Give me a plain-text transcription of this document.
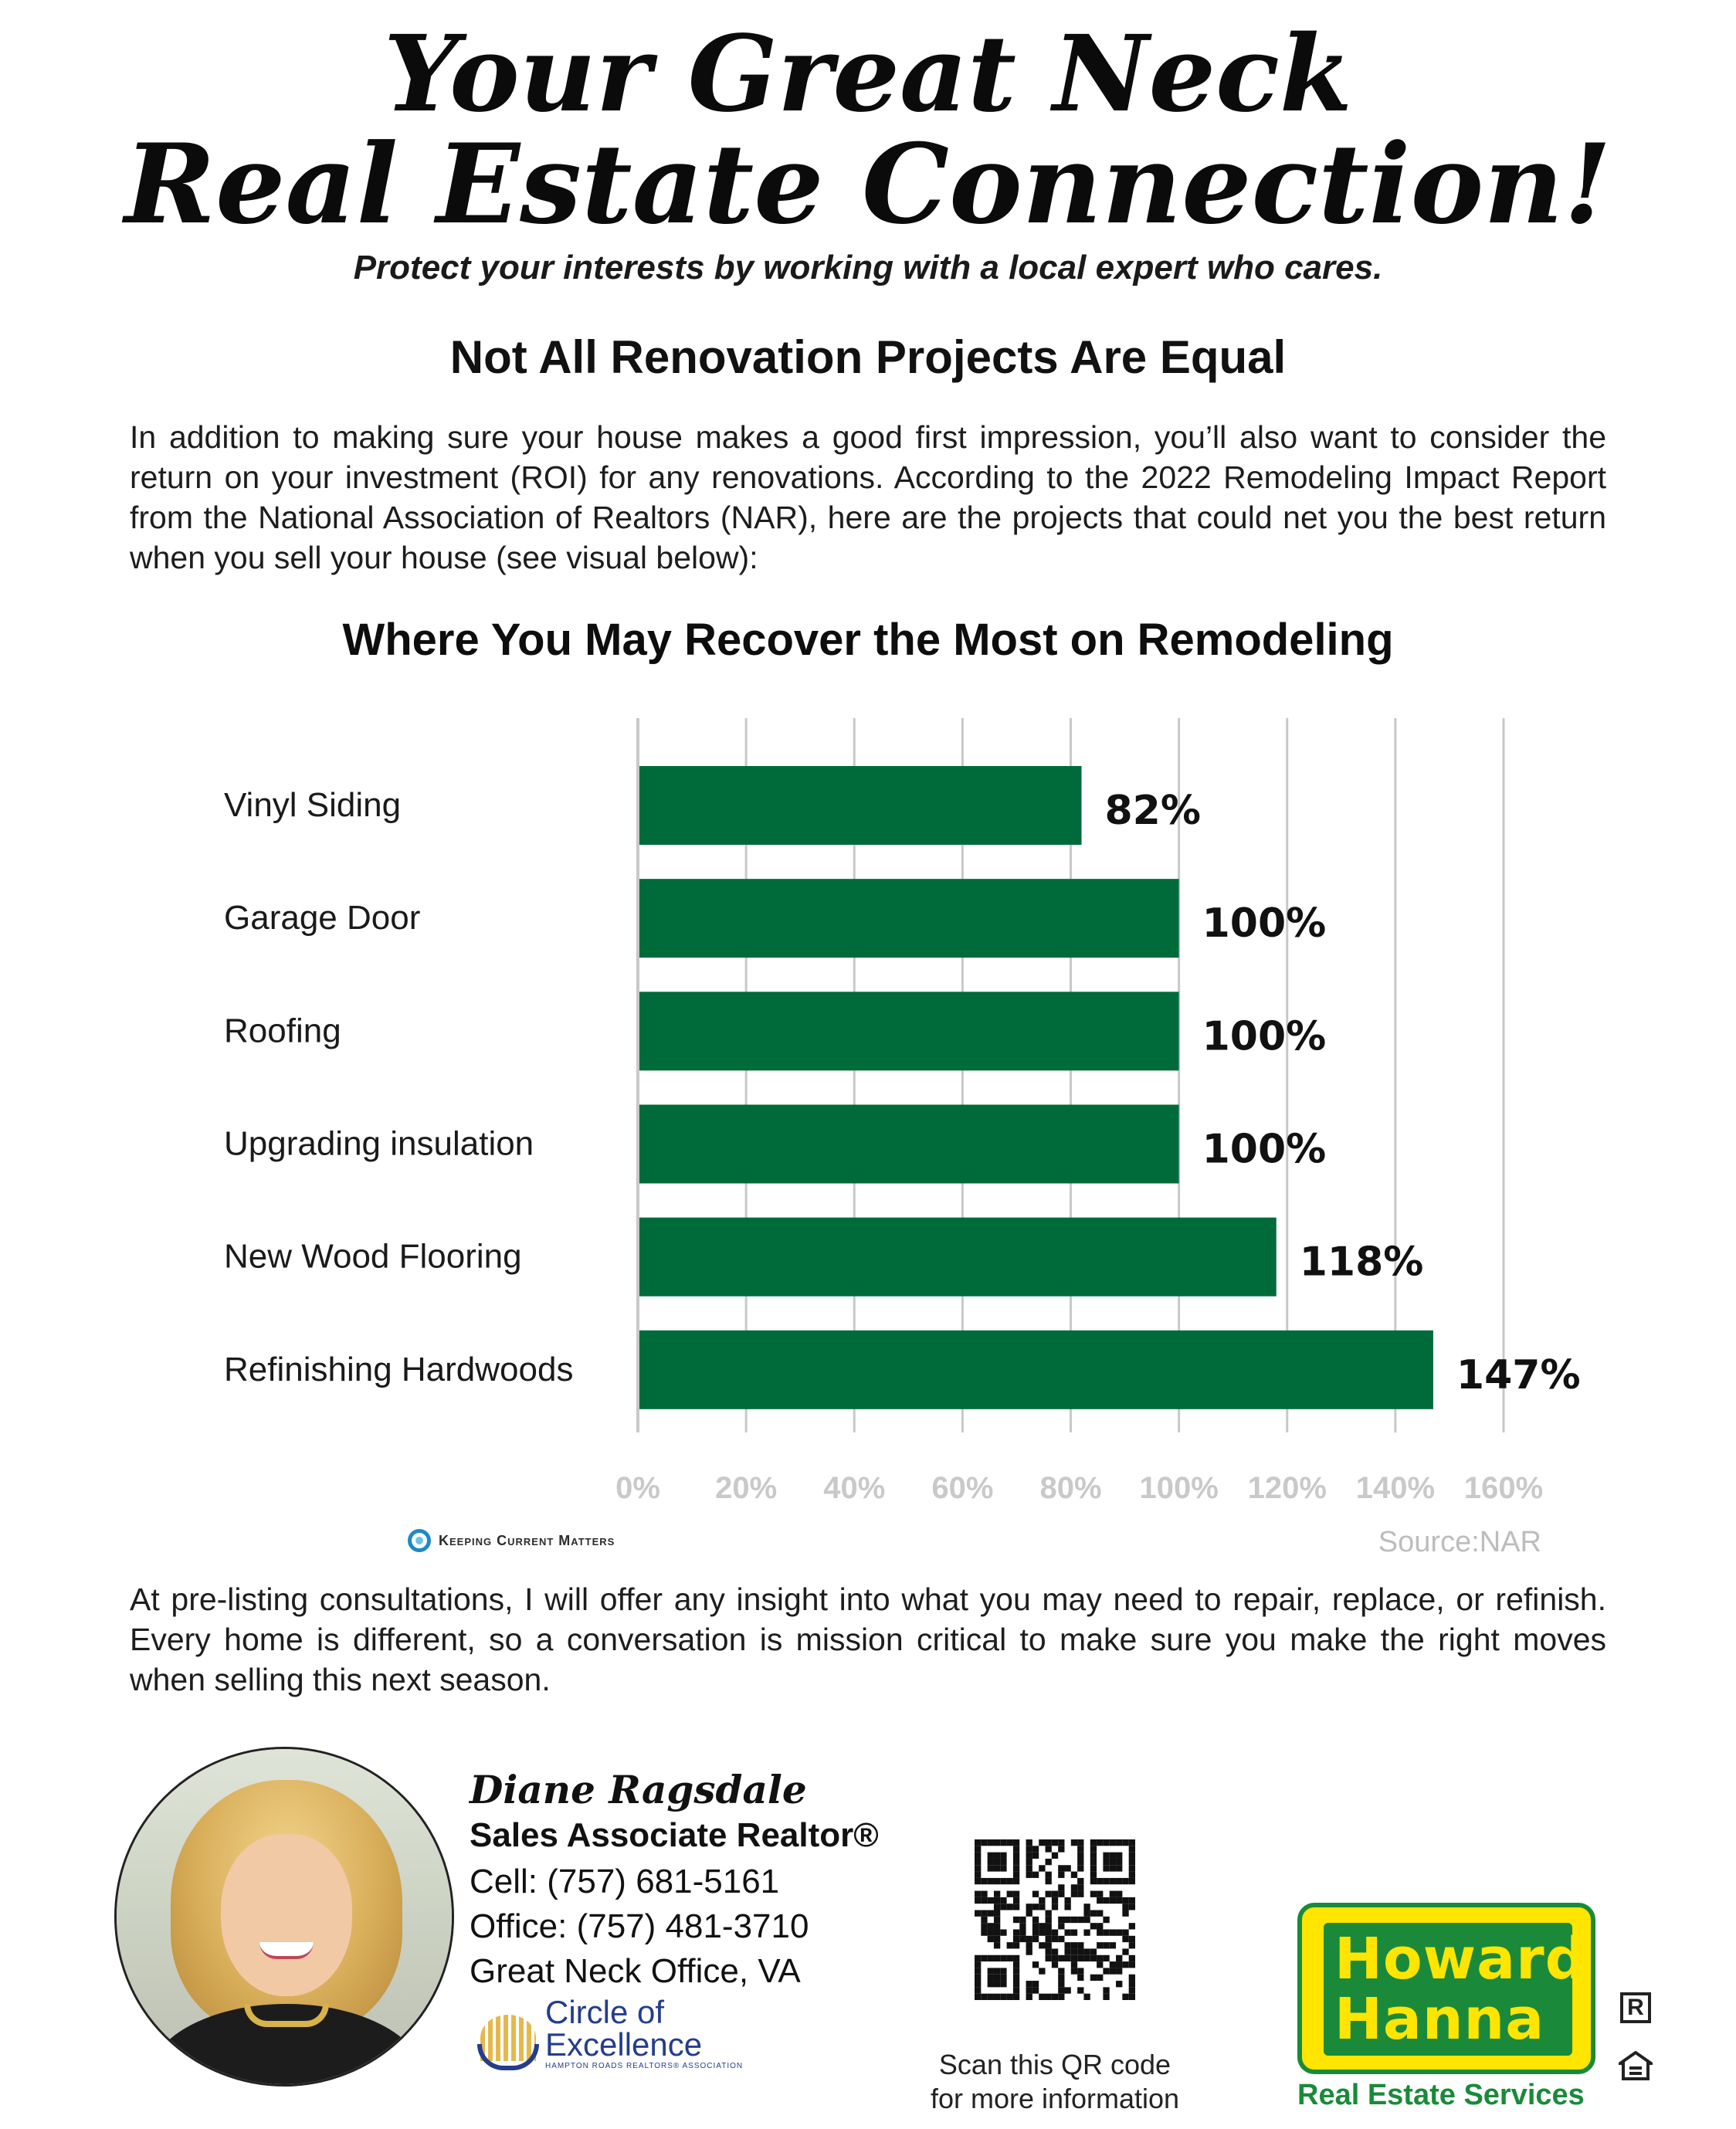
Your Great Neck
Real Estate Connection!
Protect your interests by working with a local expert who cares.
Not All Renovation Projects Are Equal

In addition to making sure your house makes a good first impression, you’ll also want to consider the return on your investment (ROI) for any renovations. According to the 2022 Remodeling Impact Report from the National Association of Realtors (NAR), here are the projects that could net you the best return when you sell your house (see visual below):

Where You May Recover the Most on Remodeling
0% 20% 40% 60% 80% 100% 120% 140% 160%
Vinyl Siding	82%
Garage Door	100%
Roofing	100%
Upgrading insulation	100%
New Wood Flooring	118%
Refinishing Hardwoods	147%
Keeping Current Matters	Source:NAR

At pre-listing consultations, I will offer any insight into what you may need to repair, replace, or refinish. Every home is different, so a conversation is mission critical to make sure you make the right moves when selling this next season.

Diane Ragsdale
Sales Associate Realtor®
Cell: (757) 681-5161
Office: (757) 481-3710
Great Neck Office, VA
Circle of
Excellence
HAMPTON ROADS REALTORS® ASSOCIATION	Scan this QR code
for more information
Howard
Hanna
Real Estate Services
R
